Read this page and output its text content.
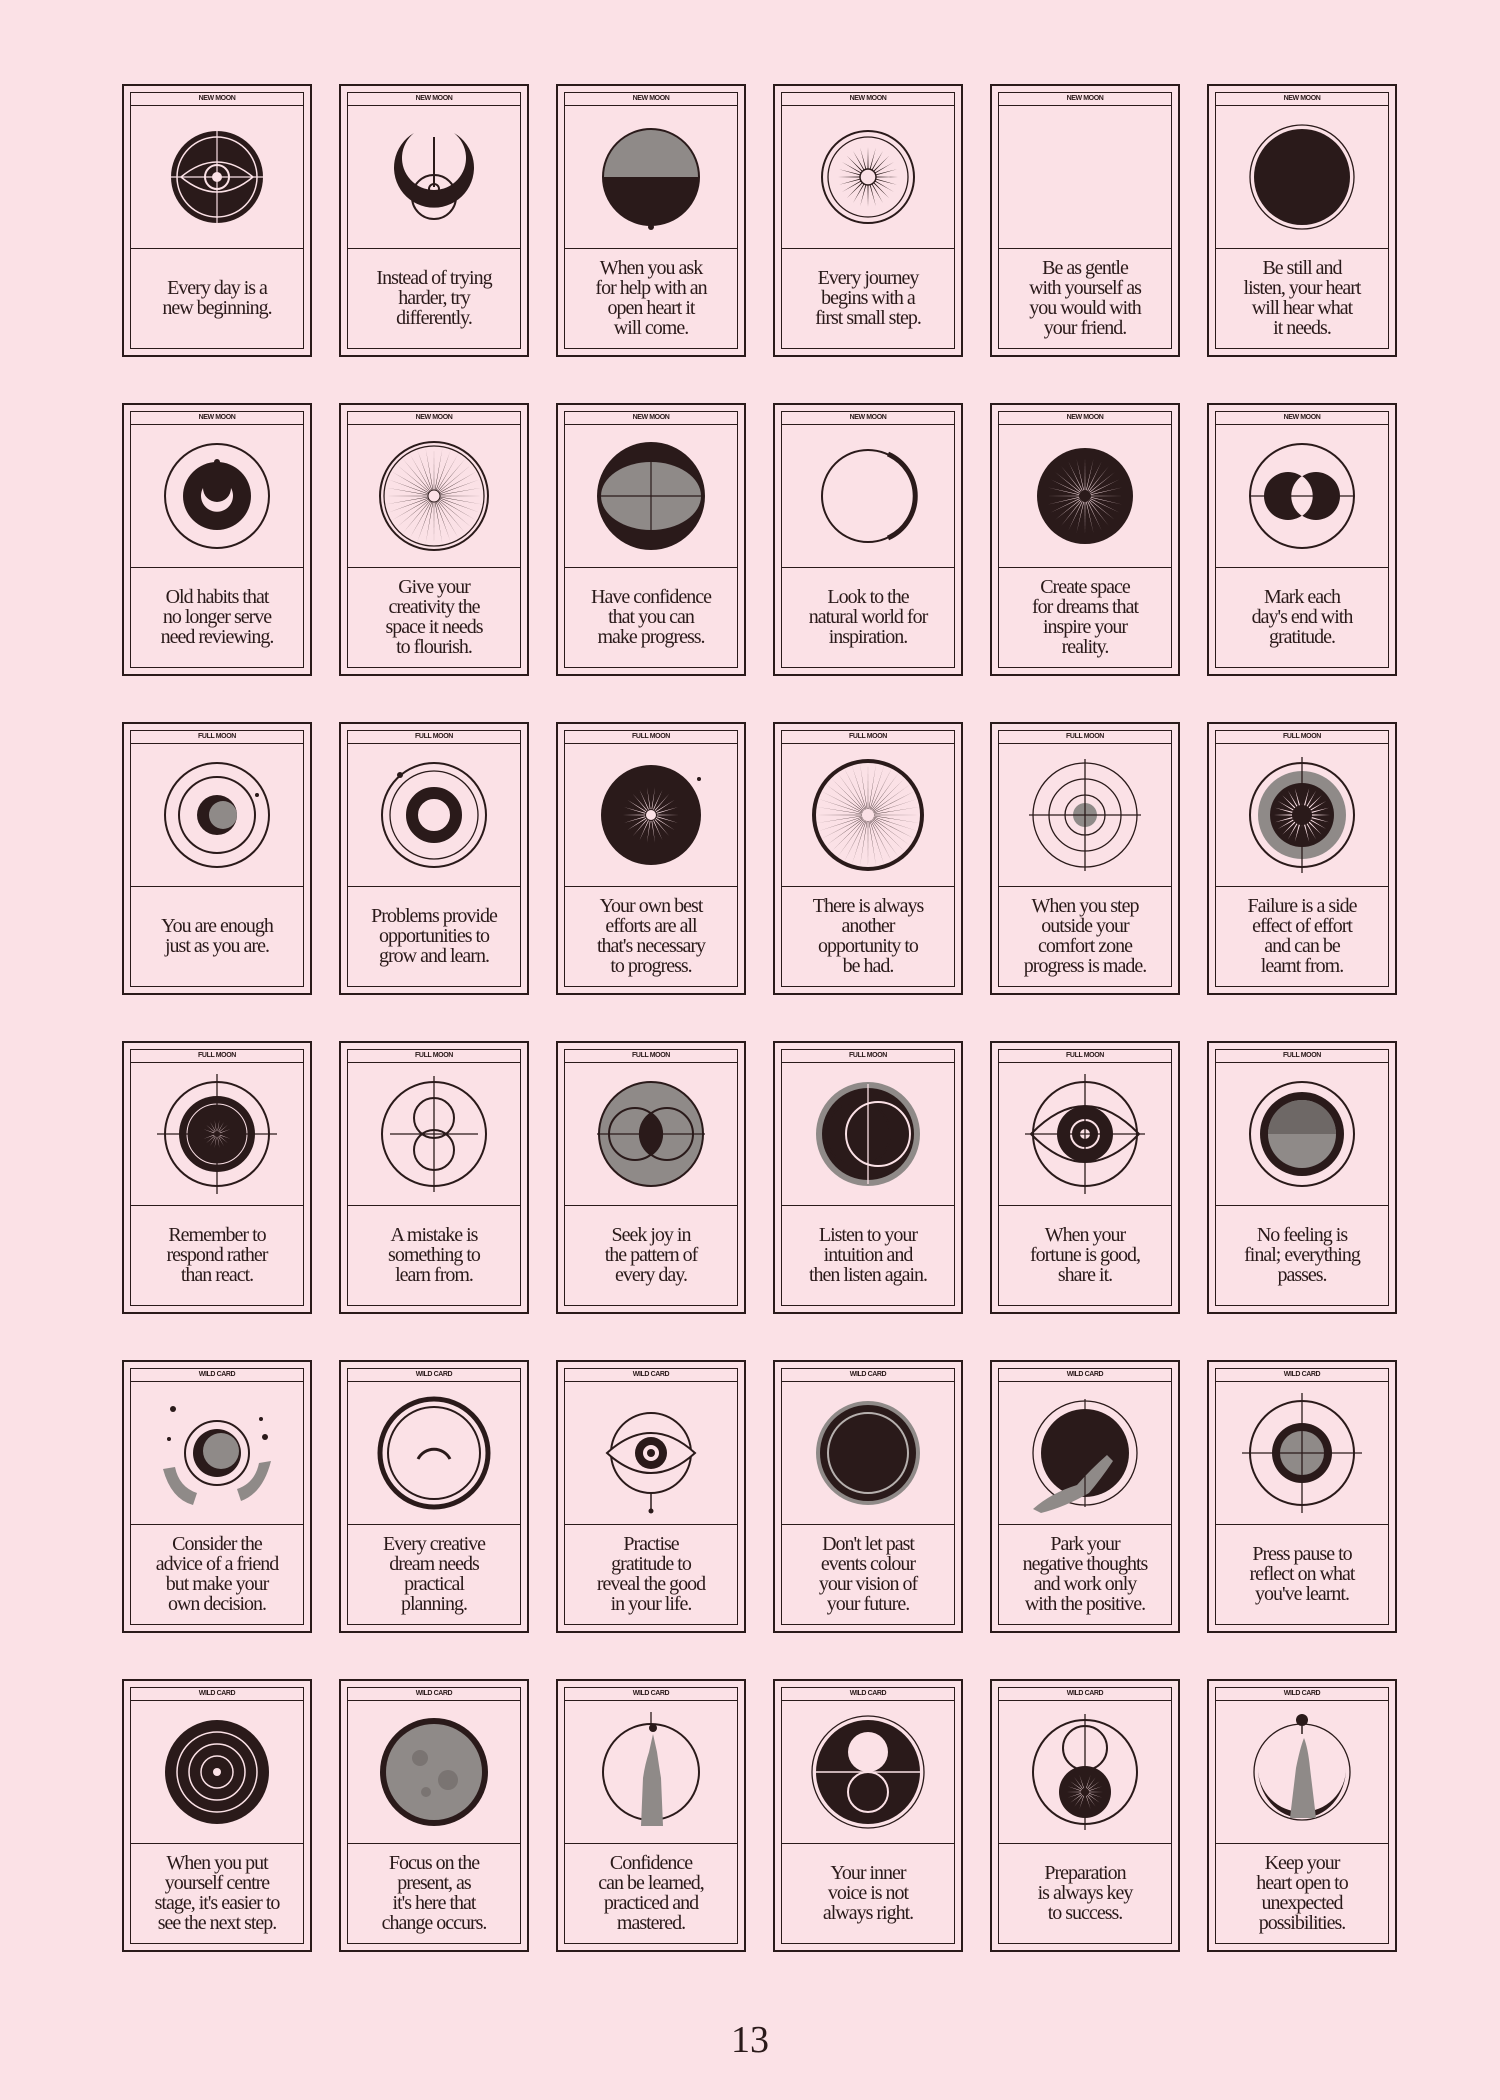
NEW MOON
Every day is a
new beginning.
NEW MOON
Instead of trying
harder, try
differently.
NEW MOON
When you ask
for help with an
open heart it
will come.
NEW MOON
Every journey
begins with a
first small step.
NEW MOON
Be as gentle
with yourself as
you would with
your friend.
NEW MOON
Be still and
listen, your heart
will hear what
it needs.
NEW MOON
Old habits that
no longer serve
need reviewing.
NEW MOON
Give your
creativity the
space it needs
to flourish.
NEW MOON
Have confidence
that you can
make progress.
NEW MOON
Look to the
natural world for
inspiration.
NEW MOON
Create space
for dreams that
inspire your
reality.
NEW MOON
Mark each
day's end with
gratitude.
FULL MOON
You are enough
just as you are.
FULL MOON
Problems provide
opportunities to
grow and learn.
FULL MOON
Your own best
efforts are all
that's necessary
to progress.
FULL MOON
There is always
another
opportunity to
be had.
FULL MOON
When you step
outside your
comfort zone
progress is made.
FULL MOON
Failure is a side
effect of effort
and can be
learnt from.
FULL MOON
Remember to
respond rather
than react.
FULL MOON
A mistake is
something to
learn from.
FULL MOON
Seek joy in
the pattern of
every day.
FULL MOON
Listen to your
intuition and
then listen again.
FULL MOON
When your
fortune is good,
share it.
FULL MOON
No feeling is
final; everything
passes.
WILD CARD
Consider the
advice of a friend
but make your
own decision.
WILD CARD
Every creative
dream needs
practical
planning.
WILD CARD
Practise
gratitude to
reveal the good
in your life.
WILD CARD
Don't let past
events colour
your vision of
your future.
WILD CARD
Park your
negative thoughts
and work only
with the positive.
WILD CARD
Press pause to
reflect on what
you've learnt.
WILD CARD
When you put
yourself centre
stage, it's easier to
see the next step.
WILD CARD
Focus on the
present, as
it's here that
change occurs.
WILD CARD
Confidence
can be learned,
practiced and
mastered.
WILD CARD
Your inner
voice is not
always right.
WILD CARD
Preparation
is always key
to success.
WILD CARD
Keep your
heart open to
unexpected
possibilities.
13
